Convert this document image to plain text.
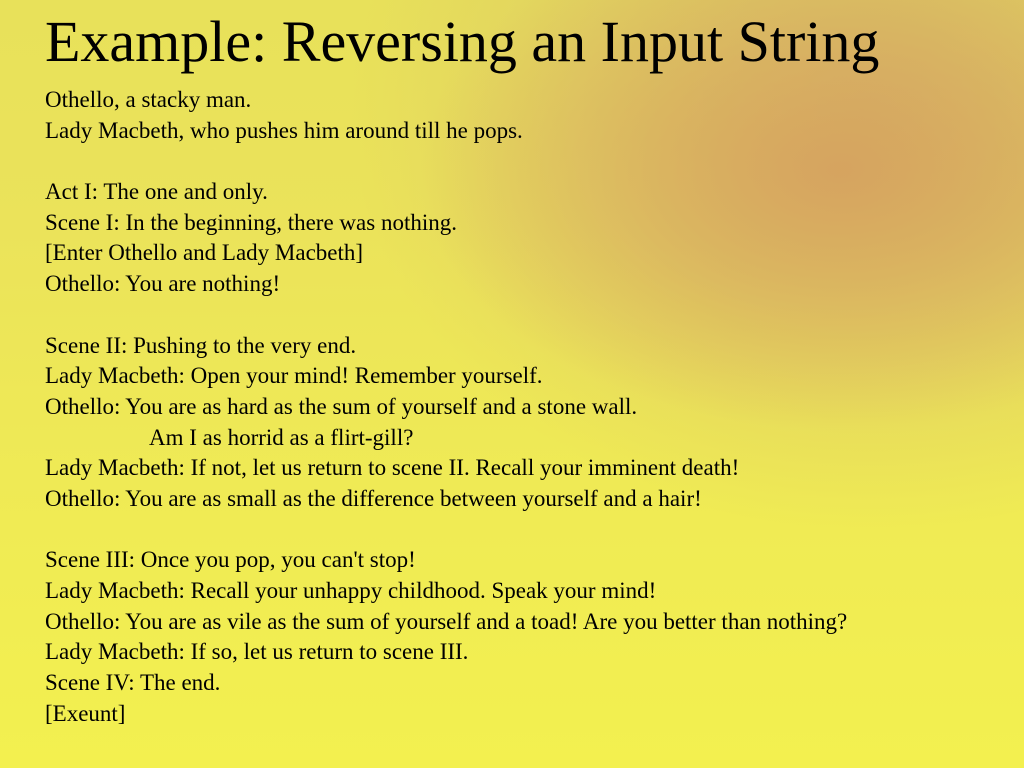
Example: Reversing an Input String
Othello, a stacky man.
Lady Macbeth, who pushes him around till he pops.
Act I: The one and only.
Scene I: In the beginning, there was nothing.
[Enter Othello and Lady Macbeth]
Othello: You are nothing!
Scene II: Pushing to the very end.
Lady Macbeth: Open your mind! Remember yourself.
Othello: You are as hard as the sum of yourself and a stone wall.
Am I as horrid as a flirt-gill?
Lady Macbeth: If not, let us return to scene II. Recall your imminent death!
Othello: You are as small as the difference between yourself and a hair!
Scene III: Once you pop, you can't stop!
Lady Macbeth: Recall your unhappy childhood. Speak your mind!
Othello: You are as vile as the sum of yourself and a toad! Are you better than nothing?
Lady Macbeth: If so, let us return to scene III.
Scene IV: The end.
[Exeunt]
